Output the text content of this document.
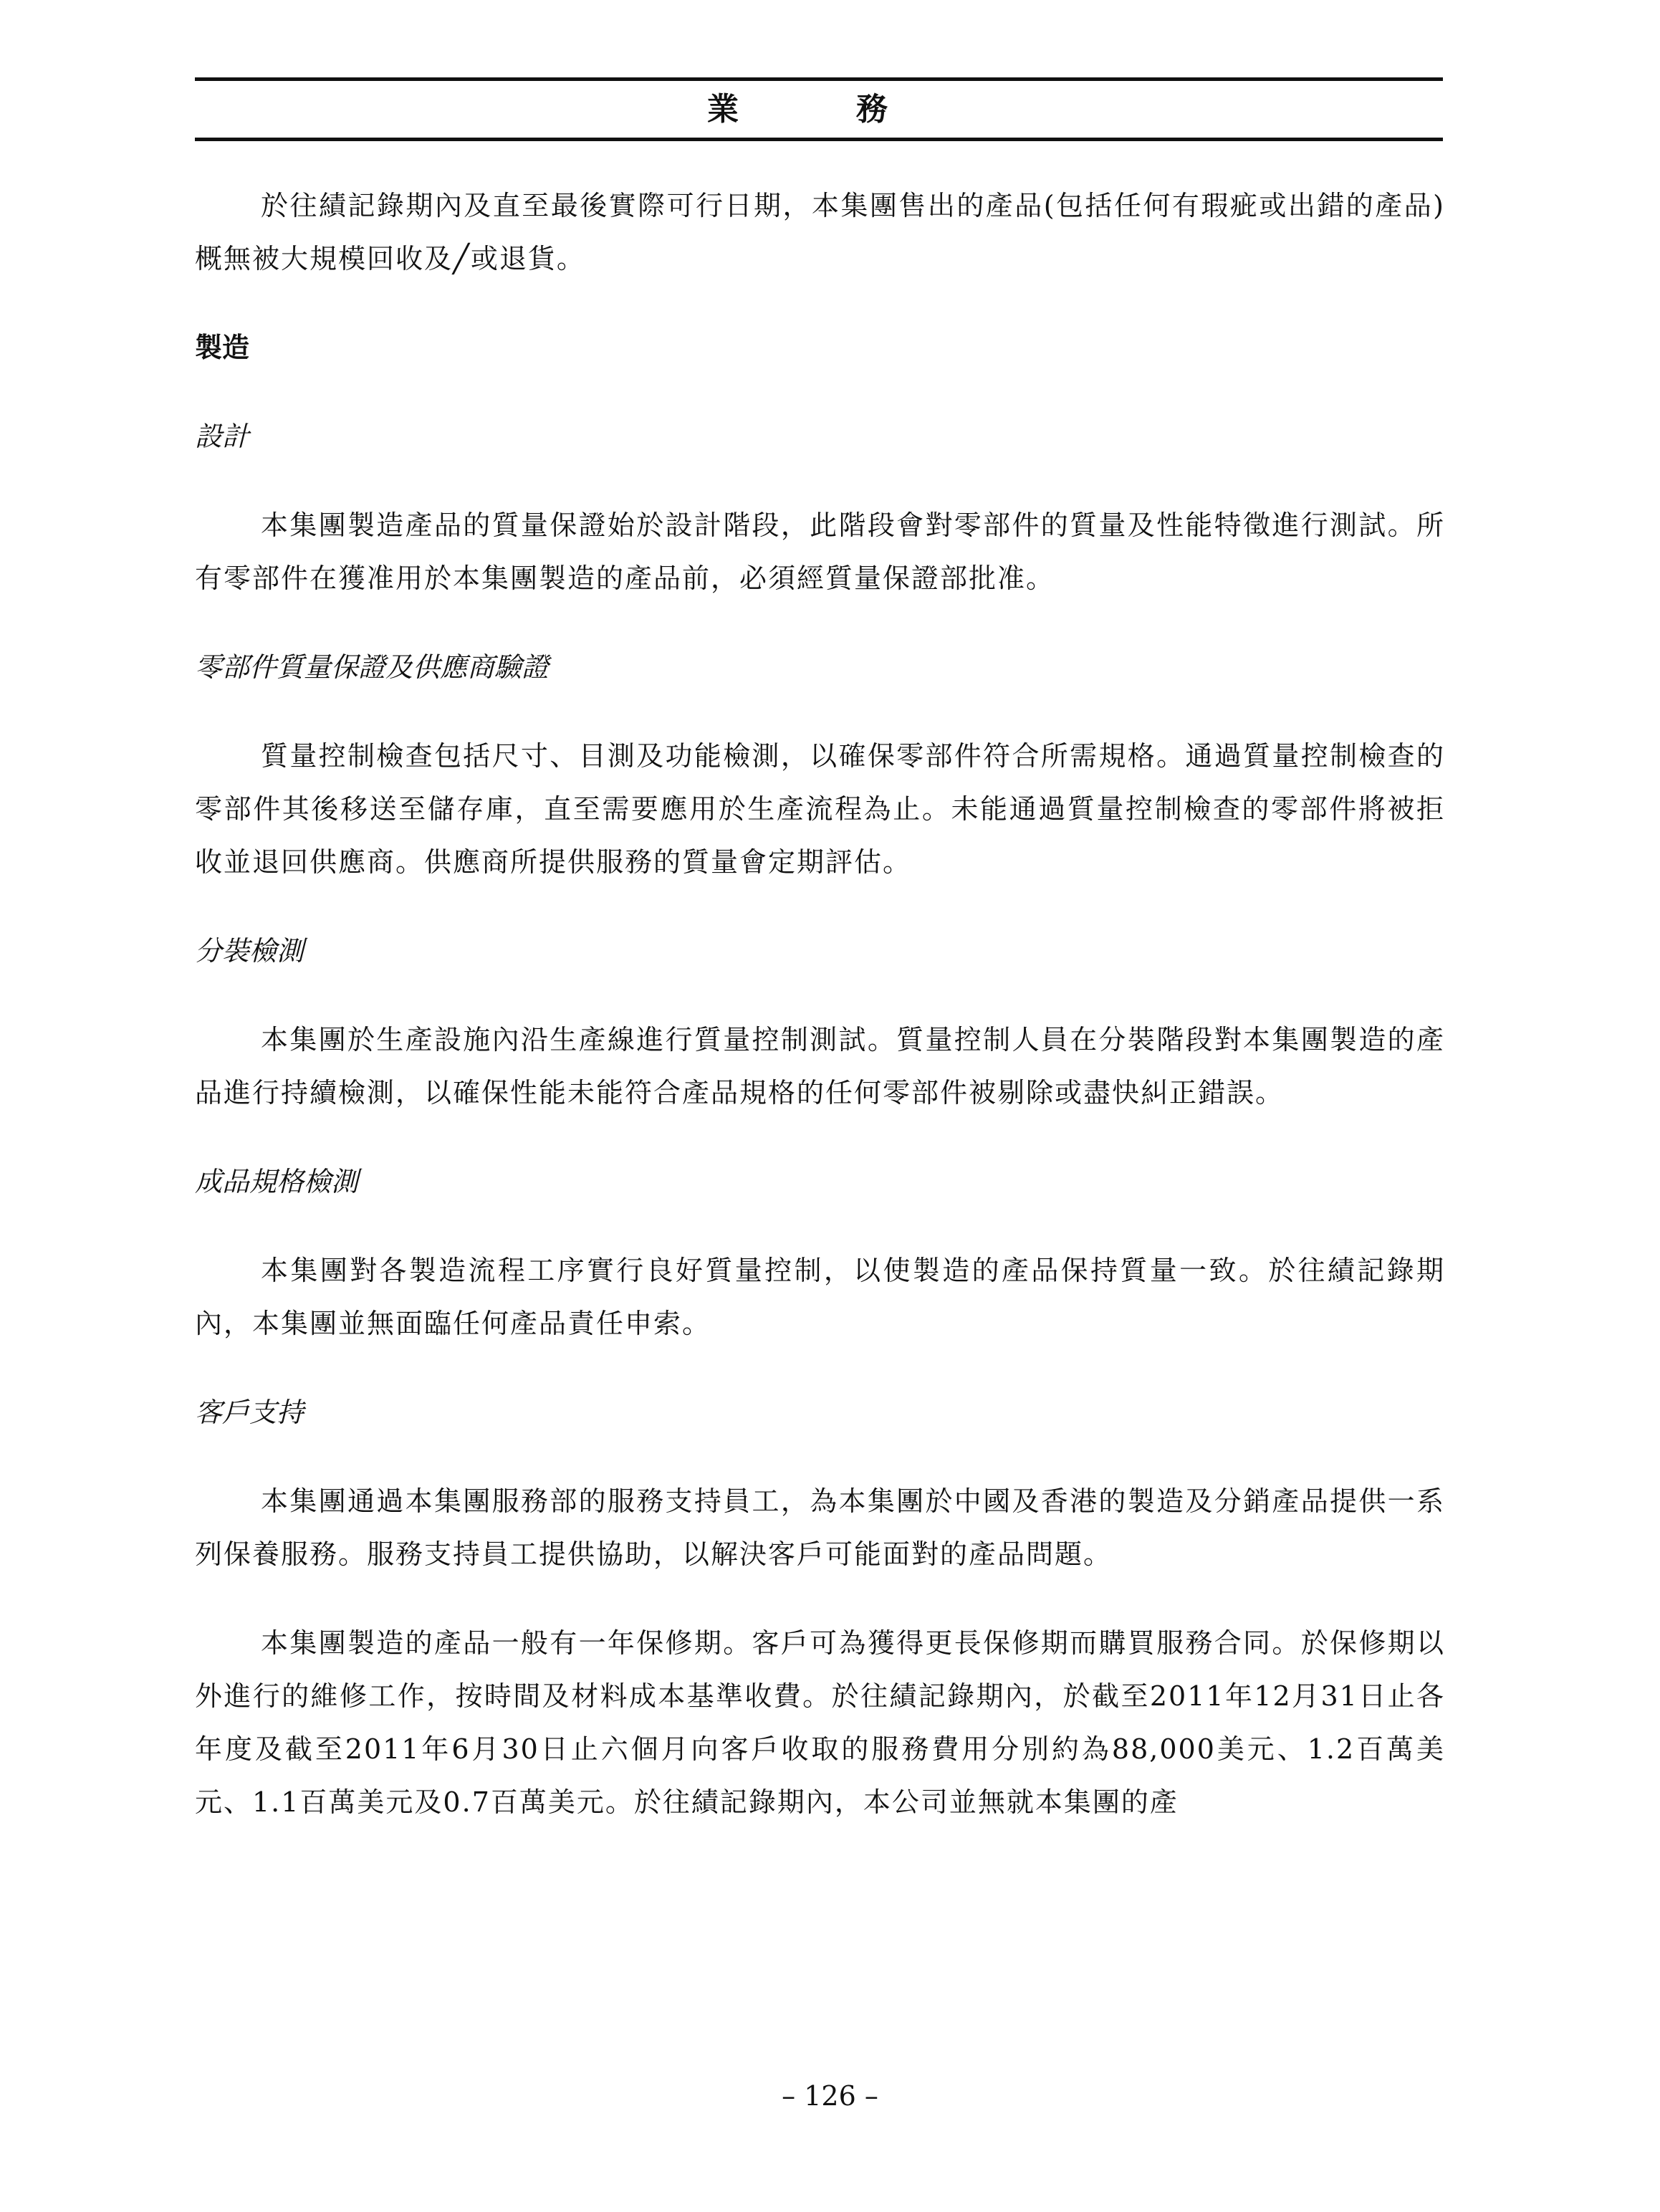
業　務

於往績記錄期內及直至最後實際可行日期，本集團售出的產品(包括任何有瑕疵或出錯的產品)概無被大規模回收及╱或退貨。

製造

設計

本集團製造產品的質量保證始於設計階段，此階段會對零部件的質量及性能特徵進行測試。所有零部件在獲准用於本集團製造的產品前，必須經質量保證部批准。

零部件質量保證及供應商驗證

質量控制檢查包括尺寸、目測及功能檢測，以確保零部件符合所需規格。通過質量控制檢查的零部件其後移送至儲存庫，直至需要應用於生產流程為止。未能通過質量控制檢查的零部件將被拒收並退回供應商。供應商所提供服務的質量會定期評估。

分裝檢測

本集團於生產設施內沿生產線進行質量控制測試。質量控制人員在分裝階段對本集團製造的產品進行持續檢測，以確保性能未能符合產品規格的任何零部件被剔除或盡快糾正錯誤。

成品規格檢測

本集團對各製造流程工序實行良好質量控制，以使製造的產品保持質量一致。於往績記錄期內，本集團並無面臨任何產品責任申索。

客戶支持

本集團通過本集團服務部的服務支持員工，為本集團於中國及香港的製造及分銷產品提供一系列保養服務。服務支持員工提供協助，以解決客戶可能面對的產品問題。

本集團製造的產品一般有一年保修期。客戶可為獲得更長保修期而購買服務合同。於保修期以外進行的維修工作，按時間及材料成本基準收費。於往績記錄期內，於截至2011年12月31日止各年度及截至2011年6月30日止六個月向客戶收取的服務費用分別約為88,000美元、1.2百萬美元、1.1百萬美元及0.7百萬美元。於往績記錄期內，本公司並無就本集團的產

– 126 –
